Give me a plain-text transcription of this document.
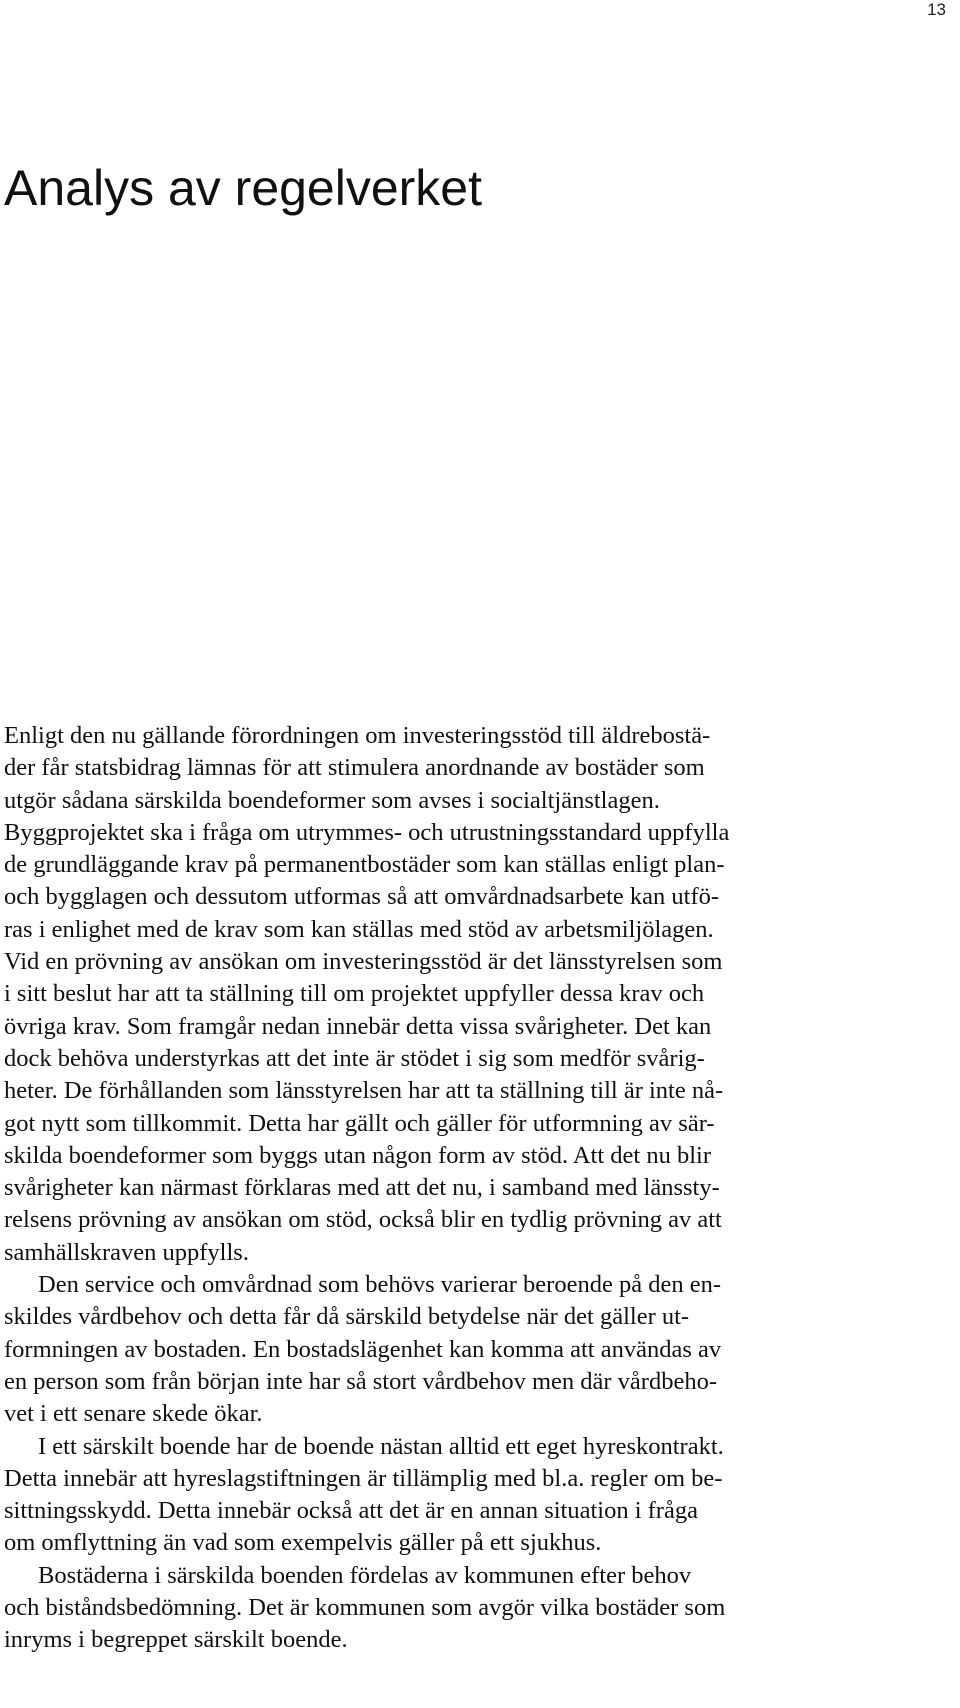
13
Analys av regelverket
Enligt den nu gällande förordningen om investeringsstöd till äldrebostä-
der får statsbidrag lämnas för att stimulera anordnande av bostäder som
utgör sådana särskilda boendeformer som avses i socialtjänstlagen.
Byggprojektet ska i fråga om utrymmes- och utrustningsstandard uppfylla
de grundläggande krav på permanentbostäder som kan ställas enligt plan-
och bygglagen och dessutom utformas så att omvårdnadsarbete kan utfö-
ras i enlighet med de krav som kan ställas med stöd av arbetsmiljölagen.
Vid en prövning av ansökan om investeringsstöd är det länsstyrelsen som
i sitt beslut har att ta ställning till om projektet uppfyller dessa krav och
övriga krav. Som framgår nedan innebär detta vissa svårigheter. Det kan
dock behöva understyrkas att det inte är stödet i sig som medför svårig-
heter. De förhållanden som länsstyrelsen har att ta ställning till är inte nå-
got nytt som tillkommit. Detta har gällt och gäller för utformning av sär-
skilda boendeformer som byggs utan någon form av stöd. Att det nu blir
svårigheter kan närmast förklaras med att det nu, i samband med länssty-
relsens prövning av ansökan om stöd, också blir en tydlig prövning av att
samhällskraven uppfylls.
Den service och omvårdnad som behövs varierar beroende på den en-
skildes vårdbehov och detta får då särskild betydelse när det gäller ut-
formningen av bostaden. En bostadslägenhet kan komma att användas av
en person som från början inte har så stort vårdbehov men där vårdbeho-
vet i ett senare skede ökar.
I ett särskilt boende har de boende nästan alltid ett eget hyreskontrakt.
Detta innebär att hyreslagstiftningen är tillämplig med bl.a. regler om be-
sittningsskydd. Detta innebär också att det är en annan situation i fråga
om omflyttning än vad som exempelvis gäller på ett sjukhus.
Bostäderna i särskilda boenden fördelas av kommunen efter behov
och biståndsbedömning. Det är kommunen som avgör vilka bostäder som
inryms i begreppet särskilt boende.
